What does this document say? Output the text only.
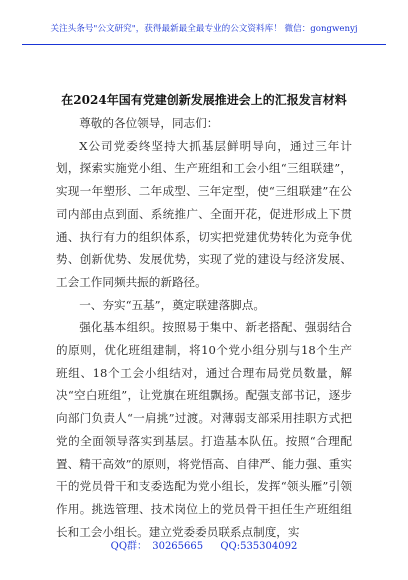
关注头条号"公文研究"，获得最新最全最专业的公文资料库！ 微信：gongwenyj
在2024年国有党建创新发展推进会上的汇报发言材料

尊敬的各位领导，同志们：

X公司党委终坚持大抓基层鲜明导向，通过三年计划，探索实施党小组、生产班组和工会小组“三组联建”，实现一年塑形、二年成型、三年定型，使“三组联建”在公司内部由点到面、系统推广、全面开花，促进形成上下贯通、执行有力的组织体系，切实把党建优势转化为竞争优势、创新优势、发展优势，实现了党的建设与经济发展、工会工作同频共振的新路径。

一、夯实“五基”，奠定联建落脚点。

强化基本组织。按照易于集中、新老搭配、强弱结合的原则，优化班组建制，将10个党小组分别与18个生产班组、18个工会小组结对，通过合理布局党员数量，解决“空白班组”，让党旗在班组飘扬。配强支部书记，逐步向部门负责人“一肩挑”过渡。对薄弱支部采用挂职方式把党的全面领导落实到基层。打造基本队伍。按照“合理配置、精干高效”的原则，将党悟高、自律严、能力强、重实干的党员骨干和支委选配为党小组长，发挥“领头雁”引领作用。挑选管理、技术岗位上的党员骨干担任生产班组组长和工会小组长。建立党委委员联系点制度，实

QQ群： 30265665 QQ:535304092
